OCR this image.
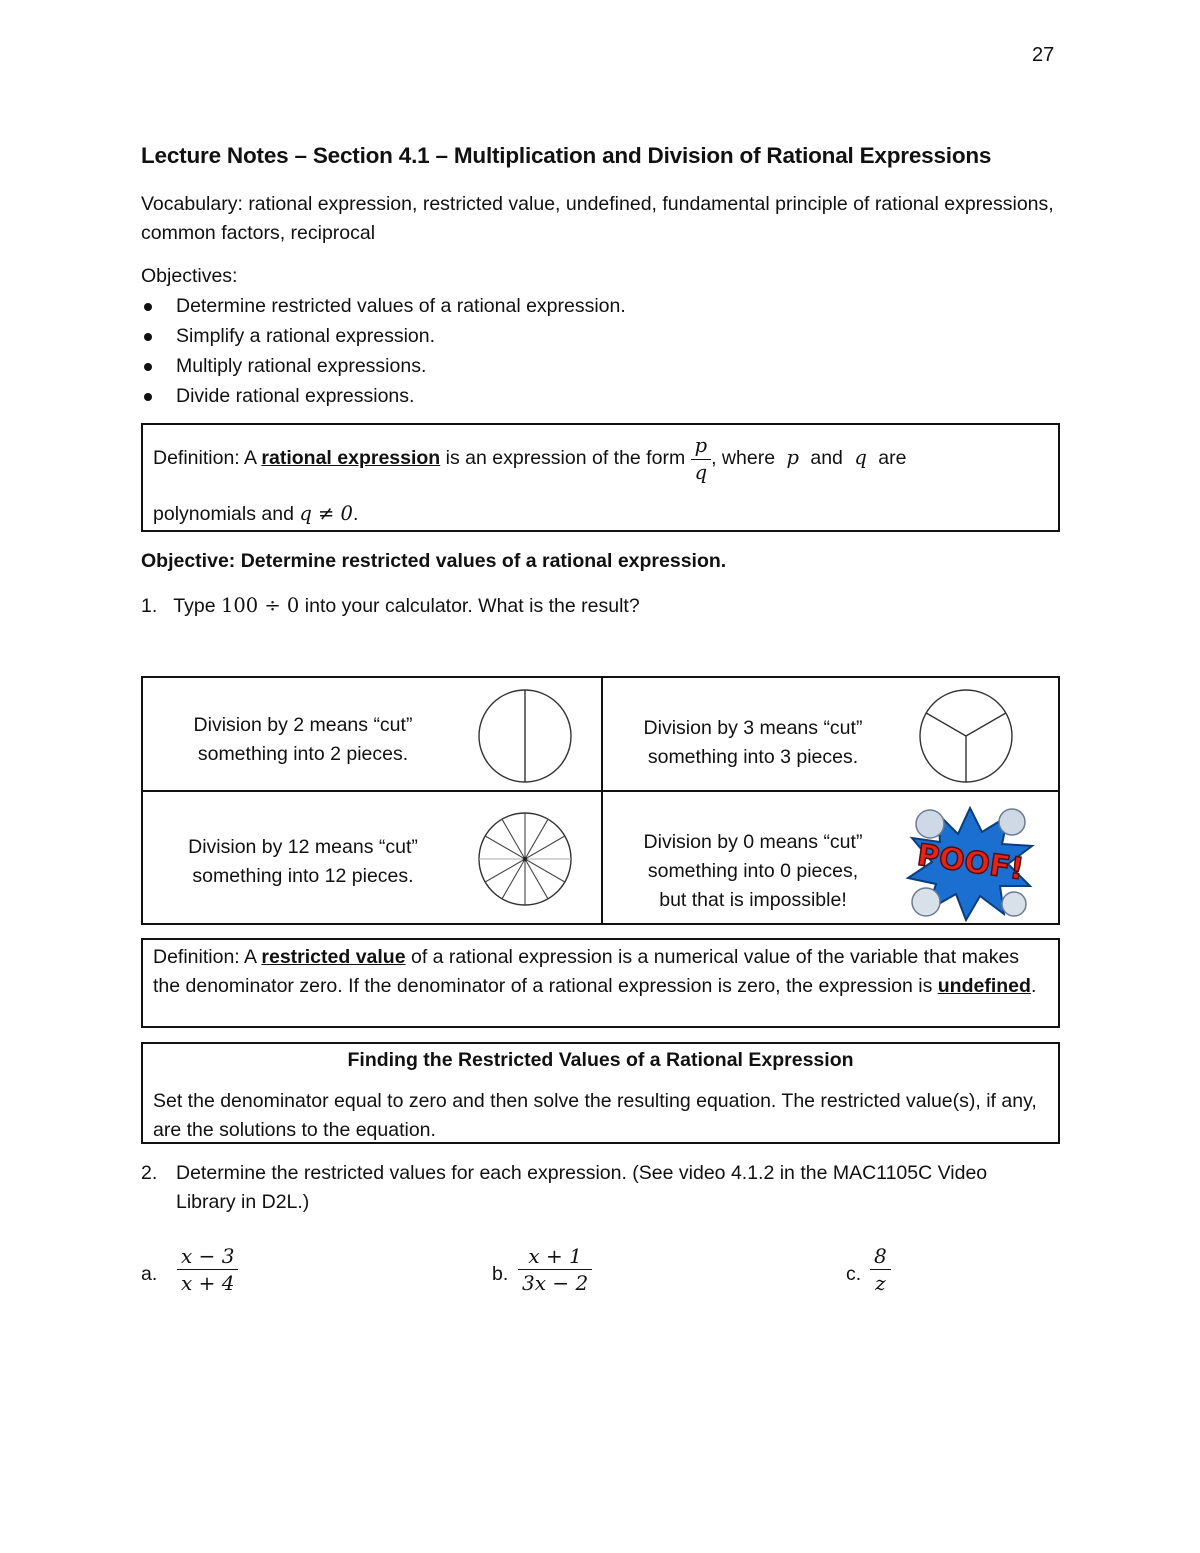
27
Lecture Notes – Section 4.1 – Multiplication and Division of Rational Expressions
Vocabulary: rational expression, restricted value, undefined, fundamental principle of rational expressions, common factors, reciprocal
Objectives:
Determine restricted values of a rational expression.
Simplify a rational expression.
Multiply rational expressions.
Divide rational expressions.
Definition: A rational expression is an expression of the form $\frac{p}{q}$ , where p and q are
polynomials and q ≠ 0.
Objective: Determine restricted values of a rational expression.
1. Type 100 ÷ 0 into your calculator. What is the result?
Division by 2 means “cut”
something into 2 pieces.
Division by 3 means “cut”
something into 3 pieces.
Division by 12 means “cut”
something into 12 pieces.
Division by 0 means “cut”
something into 0 pieces,
but that is impossible!
POOF!
Definition: A restricted value of a rational expression is a numerical value of the variable that makes the denominator zero. If the denominator of a rational expression is zero, the expression is undefined.
Finding the Restricted Values of a Rational Expression
Set the denominator equal to zero and then solve the resulting equation. The restricted value(s), if any, are the solutions to the equation.
2. Determine the restricted values for each expression. (See video 4.1.2 in the MAC1105C Video Library in D2L.)
a. $\frac{x - 3}{x + 4}$	b. $\frac{x + 1}{3x - 2}$	c. $\frac{8}{z}$
